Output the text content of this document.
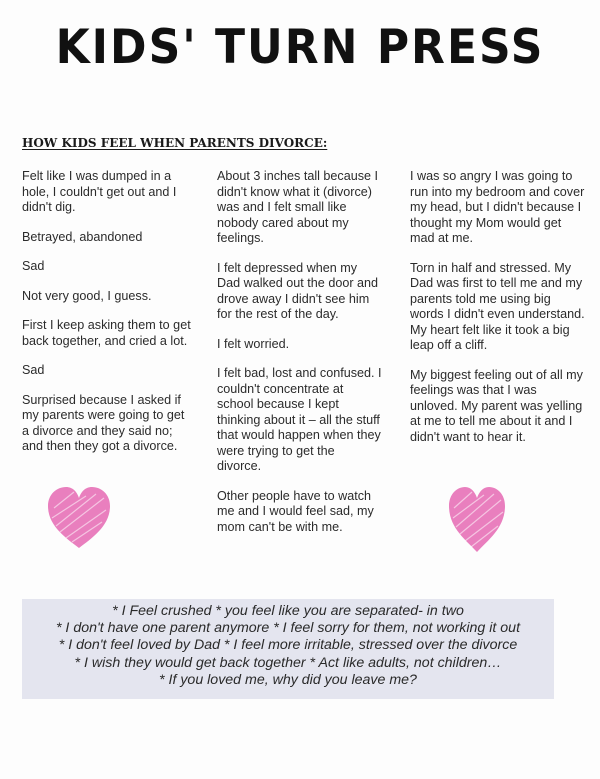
KIDS' TURN PRESS
HOW KIDS FEEL WHEN PARENTS DIVORCE:

Felt like I was dumped in a hole, I couldn't get out and I didn't dig.

Betrayed, abandoned

Sad

Not very good, I guess.

First I keep asking them to get back together, and cried a lot.

Sad

Surprised because I asked if my parents were going to get a divorce and they said no; and then they got a divorce.

About 3 inches tall because I didn't know what it (divorce) was and I felt small like nobody cared about my feelings.

I felt depressed when my Dad walked out the door and drove away I didn't see him for the rest of the day.

I felt worried.

I felt bad, lost and confused. I couldn't concentrate at school because I kept thinking about it – all the stuff that would happen when they were trying to get the divorce.

Other people have to watch me and I would feel sad, my mom can't be with me.

I was so angry I was going to run into my bedroom and cover my head, but I didn't because I thought my Mom would get mad at me.

Torn in half and stressed. My Dad was first to tell me and my parents told me using big words I didn't even understand. My heart felt like it took a big leap off a cliff.

My biggest feeling out of all my feelings was that I was unloved. My parent was yelling at me to tell me about it and I didn't want to hear it.

* I Feel crushed * you feel like you are separated- in two
* I don't have one parent anymore * I feel sorry for them, not working it out
* I don't feel loved by Dad * I feel more irritable, stressed over the divorce
* I wish they would get back together * Act like adults, not children…
* If you loved me, why did you leave me?
